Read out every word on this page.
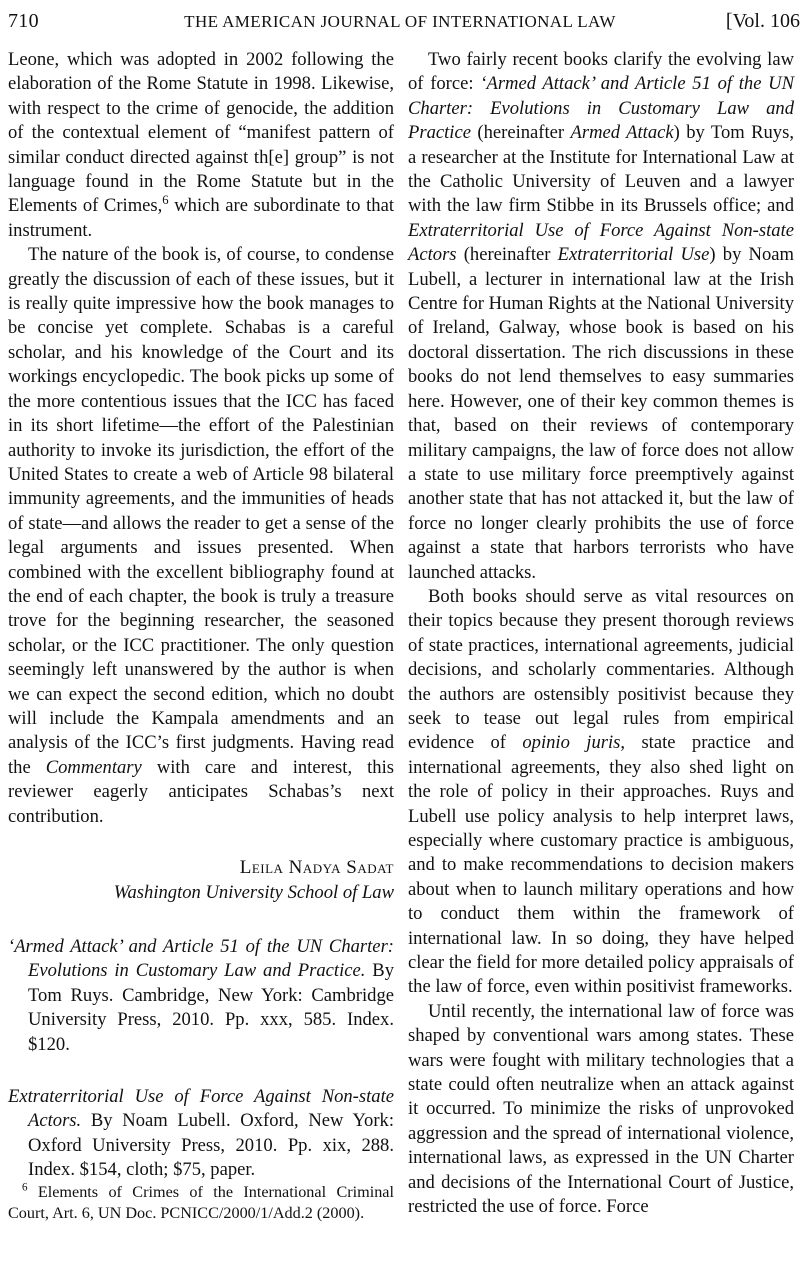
710	THE AMERICAN JOURNAL OF INTERNATIONAL LAW	[Vol. 106

Leone, which was adopted in 2002 following the elaboration of the Rome Statute in 1998. Likewise, with respect to the crime of genocide, the addition of the contextual element of “manifest pattern of similar conduct directed against th[e] group” is not language found in the Rome Statute but in the Elements of Crimes,$^6$ which are subordinate to that instrument.

The nature of the book is, of course, to condense greatly the discussion of each of these issues, but it is really quite impressive how the book manages to be concise yet complete. Schabas is a careful scholar, and his knowledge of the Court and its workings encyclopedic. The book picks up some of the more contentious issues that the ICC has faced in its short lifetime—the effort of the Palestinian authority to invoke its jurisdiction, the effort of the United States to create a web of Article 98 bilateral immunity agreements, and the immunities of heads of state—and allows the reader to get a sense of the legal arguments and issues presented. When combined with the excellent bibliography found at the end of each chapter, the book is truly a treasure trove for the beginning researcher, the seasoned scholar, or the ICC practitioner. The only question seemingly left unanswered by the author is when we can expect the second edition, which no doubt will include the Kampala amendments and an analysis of the ICC’s first judgments. Having read the Commentary with care and interest, this reviewer eagerly anticipates Schabas’s next contribution.

Leila Nadya Sadat
Washington University School of Law

‘Armed Attack’ and Article 51 of the UN Charter: Evolutions in Customary Law and Practice. By Tom Ruys. Cambridge, New York: Cambridge University Press, 2010. Pp. xxx, 585. Index. $120.

Extraterritorial Use of Force Against Non-state Actors. By Noam Lubell. Oxford, New York: Oxford University Press, 2010. Pp. xix, 288. Index. $154, cloth; $75, paper.

Two fairly recent books clarify the evolving law of force: ‘Armed Attack’ and Article 51 of the UN Charter: Evolutions in Customary Law and Practice (hereinafter Armed Attack) by Tom Ruys, a researcher at the Institute for International Law at the Catholic University of Leuven and a lawyer with the law firm Stibbe in its Brussels office; and Extraterritorial Use of Force Against Non-state Actors (hereinafter Extraterritorial Use) by Noam Lubell, a lecturer in international law at the Irish Centre for Human Rights at the National University of Ireland, Galway, whose book is based on his doctoral dissertation. The rich discussions in these books do not lend themselves to easy summaries here. However, one of their key common themes is that, based on their reviews of contemporary military campaigns, the law of force does not allow a state to use military force preemptively against another state that has not attacked it, but the law of force no longer clearly prohibits the use of force against a state that harbors terrorists who have launched attacks.

Both books should serve as vital resources on their topics because they present thorough reviews of state practices, international agreements, judicial decisions, and scholarly commentaries. Although the authors are ostensibly positivist because they seek to tease out legal rules from empirical evidence of opinio juris, state practice and international agreements, they also shed light on the role of policy in their approaches. Ruys and Lubell use policy analysis to help interpret laws, especially where customary practice is ambiguous, and to make recommendations to decision makers about when to launch military operations and how to conduct them within the framework of international law. In so doing, they have helped clear the field for more detailed policy appraisals of the law of force, even within positivist frameworks.

Until recently, the international law of force was shaped by conventional wars among states. These wars were fought with military technologies that a state could often neutralize when an attack against it occurred. To minimize the risks of unprovoked aggression and the spread of international violence, international laws, as expressed in the UN Charter and decisions of the International Court of Justice, restricted the use of force. Force

$^6$ Elements of Crimes of the International Criminal Court, Art. 6, UN Doc. PCNICC/2000/1/Add.2 (2000).
